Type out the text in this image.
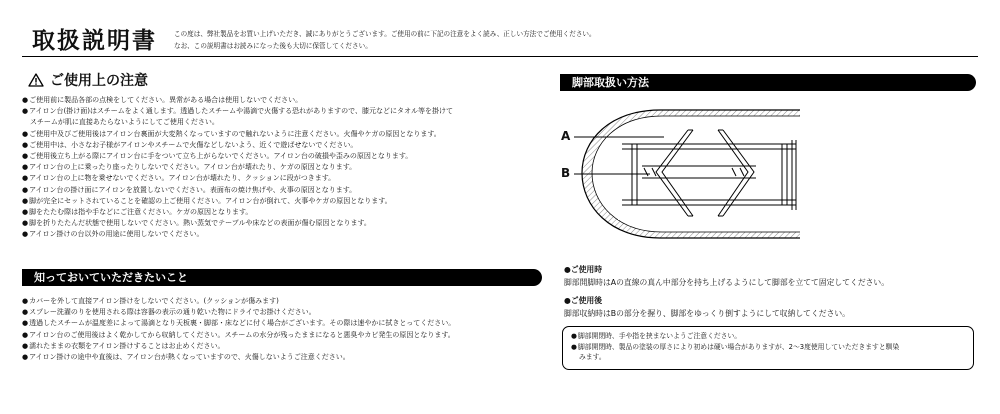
取扱説明書	この度は、弊社製品をお買い上げいただき、誠にありがとうございます。ご使用の前に下記の注意をよく読み、正しい方法でご使用ください。
なお、この説明書はお読みになった後も大切に保管してください。
ご使用上の注意
●ご使用前に製品各部の点検をしてください。異常がある場合は使用しないでください。
●アイロン台(掛け面)はスチームをよく通します。透過したスチームや湯滴で火傷する恐れがありますので、膝元などにタオル等を掛けて
スチームが肌に直接あたらないようにしてご使用ください。
●ご使用中及びご使用後はアイロン台裏面が大変熱くなっていますので触れないように注意ください。火傷やケガの原因となります。
●ご使用中は、小さなお子様がアイロンやスチームで火傷などしないよう、近くで遊ばせないでください。
●ご使用後立ち上がる際にアイロン台に手をついて立ち上がらないでください。アイロン台の破損や歪みの原因となります。
●アイロン台の上に乗ったり座ったりしないでください。アイロン台が壊れたり、ケガの原因となります。
●アイロン台の上に物を乗せないでください。アイロン台が壊れたり、クッションに段がつきます。
●アイロン台の掛け面にアイロンを放置しないでください。表面布の焼け焦げや、火事の原因となります。
●脚が完全にセットされていることを確認の上ご使用ください。アイロン台が倒れて、火事やケガの原因となります。
●脚をたたむ際は指や手などにご注意ください。ケガの原因となります。
●脚を折りたたんだ状態で使用しないでください。熱い蒸気でテーブルや床などの表面が傷む原因となります。
●アイロン掛けの台以外の用途に使用しないでください。
知っておいていただきたいこと
●カバーを外して直接アイロン掛けをしないでください。(クッションが傷みます)
●スプレー洗濯のりを使用される際は容器の表示の通り乾いた物にドライでお掛けください。
●透過したスチームが温度差によって湯滴となり天板裏・脚部・床などに付く場合がございます。その際は速やかに拭きとってください。
●アイロン台のご使用後はよく乾かしてから収納してください。スチームの水分が残ったままになると悪臭やカビ発生の原因となります。
●濡れたままの衣類をアイロン掛けすることはお止めください。
●アイロン掛けの途中や直後は、アイロン台が熱くなっていますので、火傷しないようご注意ください。
脚部取扱い方法
A
B
●ご使用時
脚部開脚時はAの直線の真ん中部分を持ち上げるようにして脚部を立てて固定してください。
●ご使用後
脚部収納時はBの部分を握り、脚部をゆっくり倒すようにして収納してください。
●脚部開閉時、手や指を挟まないようご注意ください。
●脚部開閉時、製品の塗装の厚さにより初めは硬い場合がありますが、2～3度使用していただきますと馴染
みます。
